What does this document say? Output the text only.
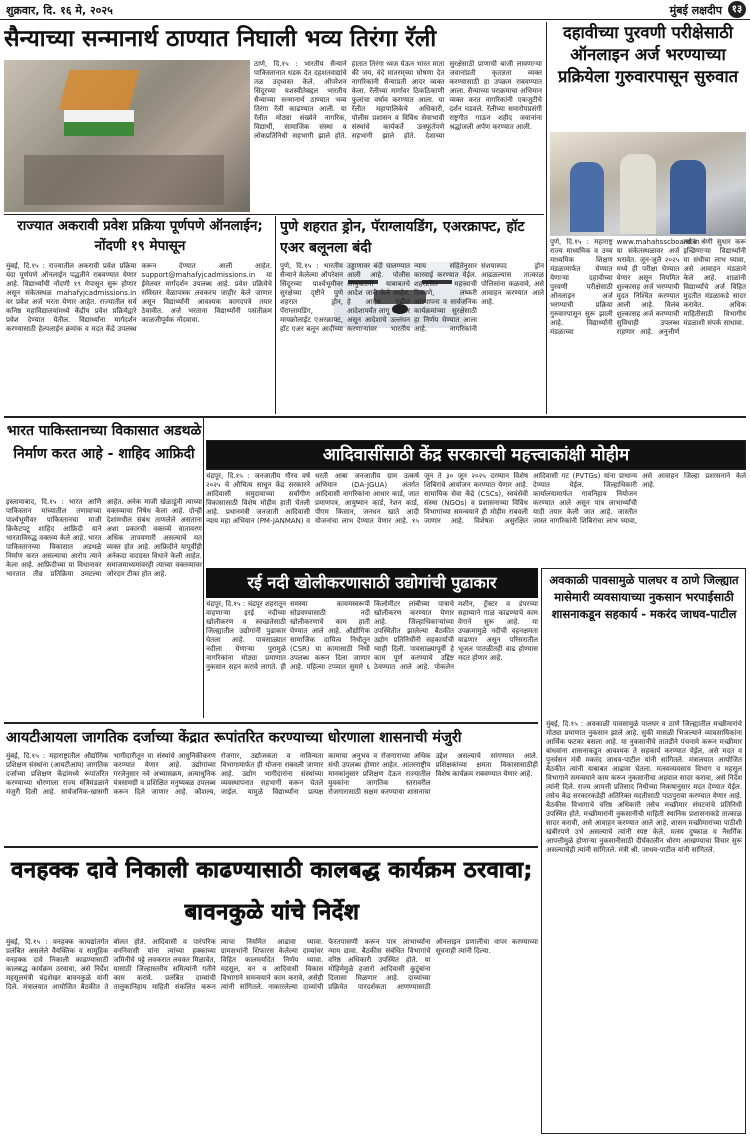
शुक्रवार, दि. १६ मे, २०२५	मुंबई लक्षदीप १३
सैन्याच्या सन्मानार्थ ठाण्यात निघाली भव्य तिरंगा रॅली
ठाणे, दि.१५ : भारतीय सैन्याने पाकिस्तानात धडक देत दहशतवाद्यांचे तळ उद्ध्वस्त केले. ऑपरेशन सिंदूरच्या यशस्वीतेबद्दल भारतीय सैन्याच्या सन्मानार्थ ठाण्यात भव्य तिरंगा रॅली काढण्यात आली. या रॅलीत मोठ्या संख्येने नागरिक, विद्यार्थी, सामाजिक संस्था व लोकप्रतिनिधी सहभागी झाले होते. हातात तिरंगा ध्वज घेऊन भारत माता की जय, वंदे मातरम्‌च्या घोषणा देत नागरिकांनी सैन्याप्रती आदर व्यक्त केला. रॅलीच्या मार्गावर ठिकठिकाणी फुलांचा वर्षाव करण्यात आला. या रॅलीत महापालिकेचे अधिकारी, पोलीस प्रशासन व विविध सेवाभावी संस्थांचे कार्यकर्ते उत्स्फूर्तपणे सहभागी झाले होते. देशाच्या सुरक्षेसाठी प्राणाची बाजी लावणाऱ्या जवानांप्रती कृतज्ञता व्यक्त करण्यासाठी हा उपक्रम राबवण्यात आला. सैन्याच्या पराक्रमाचा अभिमान व्यक्त करत नागरिकांनी एकजुटीचे दर्शन घडवले. रॅलीच्या समारोपप्रसंगी राष्ट्रगीत गाऊन शहीद जवानांना श्रद्धांजली अर्पण करण्यात आली.
दहावीच्या पुरवणी परीक्षेसाठी ऑनलाइन अर्ज भरण्याच्या प्रक्रियेला गुरुवारपासून सुरुवात
पुणे, दि.१५ : महाराष्ट्र राज्य माध्यमिक व उच्च माध्यमिक शिक्षण मंडळामार्फत घेण्यात येणाऱ्या दहावीच्या पुरवणी परीक्षेसाठी ऑनलाइन अर्ज भरण्याची प्रक्रिया गुरुवारपासून सुरू झाली आहे. विद्यार्थ्यांनी मंडळाच्या www.mahahsscboard.in या संकेतस्थळावर अर्ज भरावेत. जून-जुलै २०२५ मध्ये ही परीक्षा घेण्यात येणार असून नियमित शुल्कासह अर्ज भरण्याची मुदत निश्चित करण्यात आली आहे. विलंब शुल्कासह अर्ज करण्याची सुविधाही उपलब्ध राहणार आहे. अनुत्तीर्ण तसेच श्रेणी सुधार करू इच्छिणाऱ्या विद्यार्थ्यांनी या संधीचा लाभ घ्यावा, असे आवाहन मंडळाने केले आहे. शाळांनी विद्यार्थ्यांचे अर्ज विहित मुदतीत मंडळाकडे सादर करावेत. अधिक माहितीसाठी विभागीय मंडळाशी संपर्क साधावा.
राज्यात अकरावी प्रवेश प्रक्रिया पूर्णपणे ऑनलाईन; नोंदणी १९ मेपासून
मुंबई, दि.१५ : राज्यातील अकरावी प्रवेश प्रक्रिया यंदा पूर्णपणे ऑनलाईन पद्धतीने राबवण्यात येणार आहे. विद्यार्थ्यांची नोंदणी १९ मेपासून सुरू होणार असून संकेतस्थळ mahafyjcadmissions.in वर प्रवेश अर्ज भरता येणार आहेत. राज्यातील सर्व कनिष्ठ महाविद्यालयांमध्ये केंद्रीय प्रवेश प्रक्रियेद्वारे प्रवेश देण्यात येतील. विद्यार्थ्यांना मार्गदर्शन करण्यासाठी हेल्पलाईन क्रमांक व मदत केंद्रे उपलब्ध करून देण्यात आली आहेत. support@mahafyjcadmissions.in या ईमेलवर मार्गदर्शन उपलब्ध आहे. प्रवेश प्रक्रियेचे सविस्तर वेळापत्रक लवकरच जाहीर केले जाणार असून विद्यार्थ्यांनी आवश्यक कागदपत्रे तयार ठेवावीत. अर्ज भरताना विद्यार्थ्यांनी पसंतीक्रम काळजीपूर्वक नोंदवावा.
पुणे शहरात ड्रोन, पॅराग्लायडिंग, एअरक्राफ्ट, हॉट एअर बलूनला बंदी
पुणे, दि.१५ : भारतीय सैन्याने केलेल्या ऑपरेशन सिंदूरच्या पार्श्वभूमीवर सुरक्षेच्या दृष्टीने पुणे शहरात ड्रोन, पॅराग्लायडिंग, मायक्रोलाईट एअरक्राफ्ट, हॉट एअर बलून आदींच्या उड्डाणावर बंदी घालण्यात आली आहे. पोलीस आयुक्तांनी याबाबतचे आदेश जारी केले आहेत. हे आदेश पुढील आदेशापर्यंत लागू राहणार असून आदेशाचे उल्लंघन करणाऱ्यांवर भारतीय न्याय संहितेनुसार कारवाई करण्यात येईल. शहरातील महत्त्वाची ठिकाणे, लष्करी आस्थापना व सार्वजनिक कार्यक्रमांच्या सुरक्षेसाठी हा निर्णय घेण्यात आला आहे. नागरिकांनी संशयास्पद ड्रोन आढळल्यास तात्काळ पोलिसांना कळवावे, असे आवाहन करण्यात आले आहे.
भारत पाकिस्तानच्या विकासात अडथळे निर्माण करत आहे - शाहिद आफ्रिदी
इस्लामाबाद, दि.१५ : भारत आणि पाकिस्तान यांच्यातील तणावाच्या पार्श्वभूमीवर पाकिस्तानचा माजी क्रिकेटपटू शाहिद आफ्रिदी याने भारताविरुद्ध वक्तव्य केले आहे. भारत पाकिस्तानच्या विकासात अडथळे निर्माण करत असल्याचा आरोप त्याने केला आहे. आफ्रिदीच्या या विधानावर भारतात तीव्र प्रतिक्रिया उमटल्या आहेत. अनेक माजी खेळाडूंनी त्याच्या वक्तव्याचा निषेध केला आहे. दोन्ही देशांमधील संबंध ताणलेले असताना अशा प्रकारची वक्तव्ये वातावरण अधिक तापवणारी असल्याचे मत व्यक्त होत आहे. आफ्रिदीने यापूर्वीही अनेकदा वादग्रस्त विधाने केली आहेत. समाजमाध्यमांवरही त्याच्या वक्तव्यावर जोरदार टीका होत आहे.
आदिवासींसाठी केंद्र सरकारची महत्त्वाकांक्षी मोहीम
चंद्रपूर, दि.१५ : जनजातीय गौरव वर्ष २०२५ चे औचित्य साधून केंद्र सरकारने आदिवासी समुदायाच्या सर्वांगीण विकासासाठी विशेष मोहीम हाती घेतली आहे. प्रधानमंत्री जनजाती आदिवासी न्याय महा अभियान (PM-JANMAN) व धरती आबा जनजातीय ग्राम उत्कर्ष अभियान (DA-JGUA) अंतर्गत आदिवासी नागरिकांना आधार कार्ड, जात प्रमाणपत्र, आयुष्मान कार्ड, रेशन कार्ड, पीएम किसान, जनधन खाते आदी योजनांचा लाभ देण्यात येणार आहे. १५ जून ते ३० जून २०२५ दरम्यान विशेष शिबिरांचे आयोजन करण्यात येणार आहे. सामायिक सेवा केंद्रे (CSCs), स्वयंसेवी संस्था (NGOs) व प्रशासनाच्या विविध विभागांच्या समन्वयाने ही मोहीम राबवली जाणार आहे. विशेषतः असुरक्षित आदिवासी गट (PVTGs) यांना प्राधान्य देण्यात येईल. जिल्हाधिकारी कार्यालयामार्फत गावनिहाय नियोजन करण्यात आले असून पात्र लाभार्थ्यांची यादी तयार केली जात आहे. जास्तीत जास्त नागरिकांनी शिबिरांचा लाभ घ्यावा, असे आवाहन जिल्हा प्रशासनाने केले आहे.
रई नदी खोलीकरणासाठी उद्योगांची पुढाकार
चंद्रपूर, दि.१५ : चंद्रपूर शहरातून वाहणाऱ्या इरई नदीच्या खोलीकरण व स्वच्छतेसाठी जिल्ह्यातील उद्योगांनी पुढाकार घेतला आहे. पावसाळ्यात नदीला येणाऱ्या पुरामुळे नागरिकांना मोठ्या प्रमाणात नुकसान सहन करावे लागते. ही समस्या कायमस्वरूपी सोडवण्यासाठी नदी खोलीकरणाचे काम हाती घेण्यात आले आहे. औद्योगिक सामाजिक दायित्व निधीतून (CSR) या कामासाठी निधी उपलब्ध करून दिला जाणार आहे. पहिल्या टप्प्यात सुमारे ६ किलोमीटर लांबीच्या पात्राचे खोलीकरण करण्यात येणार आहे. जिल्हाधिकाऱ्यांच्या उपस्थितीत झालेल्या बैठकीत उद्योग प्रतिनिधींनी सहकार्याची ग्वाही दिली. पावसाळ्यापूर्वी हे काम पूर्ण करण्याचे उद्दिष्ट ठेवण्यात आले आहे. पोकलेन मशीन, ट्रॅक्टर व डंपरच्या सहाय्याने गाळ काढण्याचे काम वेगाने सुरू आहे. या उपक्रमामुळे नदीची वहनक्षमता वाढणार असून परिसरातील भूजल पातळीतही वाढ होण्यास मदत होणार आहे.
अवकाळी पावसामुळे पालघर व ठाणे जिल्ह्यात मासेमारी व्यवसायाच्या नुकसान भरपाईसाठी शासनाकडून सहकार्य - मकरंद जाधव-पाटील
मुंबई, दि.१५ : अवकाळी पावसामुळे पालघर व ठाणे जिल्ह्यातील मच्छीमारांचे मोठ्या प्रमाणात नुकसान झाले आहे. सुकी मासळी भिजल्याने व्यावसायिकांना आर्थिक फटका बसला आहे. या नुकसानीचे तातडीने पंचनामे करून मच्छीमार बांधवांना शासनाकडून आवश्यक ते सहकार्य करण्यात येईल, असे मदत व पुनर्वसन मंत्री मकरंद जाधव-पाटील यांनी सांगितले. मंत्रालयात आयोजित बैठकीत त्यांनी याबाबत आढावा घेतला. मत्स्यव्यवसाय विभाग व महसूल विभागाने समन्वयाने काम करून नुकसानीचा अहवाल सादर करावा, असे निर्देश त्यांनी दिले. राज्य आपत्ती प्रतिसाद निधीच्या निकषानुसार मदत देण्यात येईल. तसेच केंद्र सरकारकडेही अतिरिक्त मदतीसाठी पाठपुरावा करण्यात येणार आहे. बैठकीस विभागाचे वरिष्ठ अधिकारी तसेच मच्छीमार संघटनांचे प्रतिनिधी उपस्थित होते. मच्छीमारांनी नुकसानीची माहिती स्थानिक प्रशासनाकडे तात्काळ सादर करावी, असे आवाहन करण्यात आले आहे. शासन मच्छीमारांच्या पाठीशी खंबीरपणे उभे असल्याचे त्यांनी स्पष्ट केले. मत्स्य दुष्काळ व नैसर्गिक आपत्तीमुळे होणाऱ्या नुकसानीसाठी दीर्घकालीन धोरण आखण्याचा विचार सुरू असल्याचेही त्यांनी सांगितले. मंत्री श्री. जाधव-पाटील यांनी सांगितले.
आयटीआयला जागतिक दर्जाच्या केंद्रात रूपांतरित करण्याच्या धोरणाला शासनाची मंजुरी
मुंबई, दि.१५ : महाराष्ट्रातील औद्योगिक प्रशिक्षण संस्थांना (आयटीआय) जागतिक दर्जाच्या प्रशिक्षण केंद्रांमध्ये रूपांतरित करण्याच्या धोरणाला राज्य मंत्रिमंडळाने मंजुरी दिली आहे. सार्वजनिक-खासगी भागीदारीतून या संस्थांचे आधुनिकीकरण करण्यात येणार आहे. उद्योगांच्या गरजेनुसार नवे अभ्यासक्रम, अत्याधुनिक यंत्रसामग्री व प्रशिक्षित मनुष्यबळ उपलब्ध करून दिले जाणार आहे. कौशल्य, रोजगार, उद्योजकता व नाविन्यता विभागामार्फत ही योजना राबवली जाणार आहे. उद्योग भागीदारांना संस्थांच्या व्यवस्थापनात सहभागी करून घेतले जाईल. यामुळे विद्यार्थ्यांना प्रत्यक्ष कामाचा अनुभव व रोजगाराच्या अधिक संधी उपलब्ध होणार आहेत. आंतरराष्ट्रीय मानकांनुसार प्रशिक्षण देऊन राज्यातील युवकांना जागतिक स्तरावरील रोजगारासाठी सक्षम करण्याचा शासनाचा उद्देश असल्याचे सांगण्यात आले. प्रशिक्षकांच्या क्षमता विकासासाठीही विशेष कार्यक्रम राबवण्यात येणार आहे.
वनहक्क दावे निकाली काढण्यासाठी कालबद्ध कार्यक्रम ठरवावा; बावनकुळे यांचे निर्देश
मुंबई, दि.१५ : वनहक्क कायद्यांतर्गत प्रलंबित असलेले वैयक्तिक व सामूहिक वनहक्क दावे निकाली काढण्यासाठी कालबद्ध कार्यक्रम ठरवावा, असे निर्देश महसूलमंत्री चंद्रशेखर बावनकुळे यांनी दिले. मंत्रालयात आयोजित बैठकीत ते बोलत होते. आदिवासी व पारंपरिक वननिवासी यांना त्यांच्या हक्काच्या जमिनीचे पट्टे लवकरात लवकर मिळावेत, यासाठी जिल्हास्तरीय समित्यांनी गतीने काम करावे. प्रलंबित दाव्यांची तालुकानिहाय माहिती संकलित करून त्याचा नियमित आढावा घ्यावा. ग्रामसभांनी शिफारस केलेल्या दाव्यांवर विहित कालमर्यादेत निर्णय घ्यावा. महसूल, वन व आदिवासी विकास विभागाने समन्वयाने काम करावे, असेही त्यांनी सांगितले. नाकारलेल्या दाव्यांची फेरतपासणी करून पात्र लाभार्थ्यांना न्याय द्यावा. बैठकीस संबंधित विभागांचे वरिष्ठ अधिकारी उपस्थित होते. या मोहिमेमुळे हजारो आदिवासी कुटुंबांना दिलासा मिळणार आहे. दाव्यांच्या प्रक्रियेत पारदर्शकता आणण्यासाठी ऑनलाइन प्रणालीचा वापर करण्याच्या सूचनाही त्यांनी दिल्या.
